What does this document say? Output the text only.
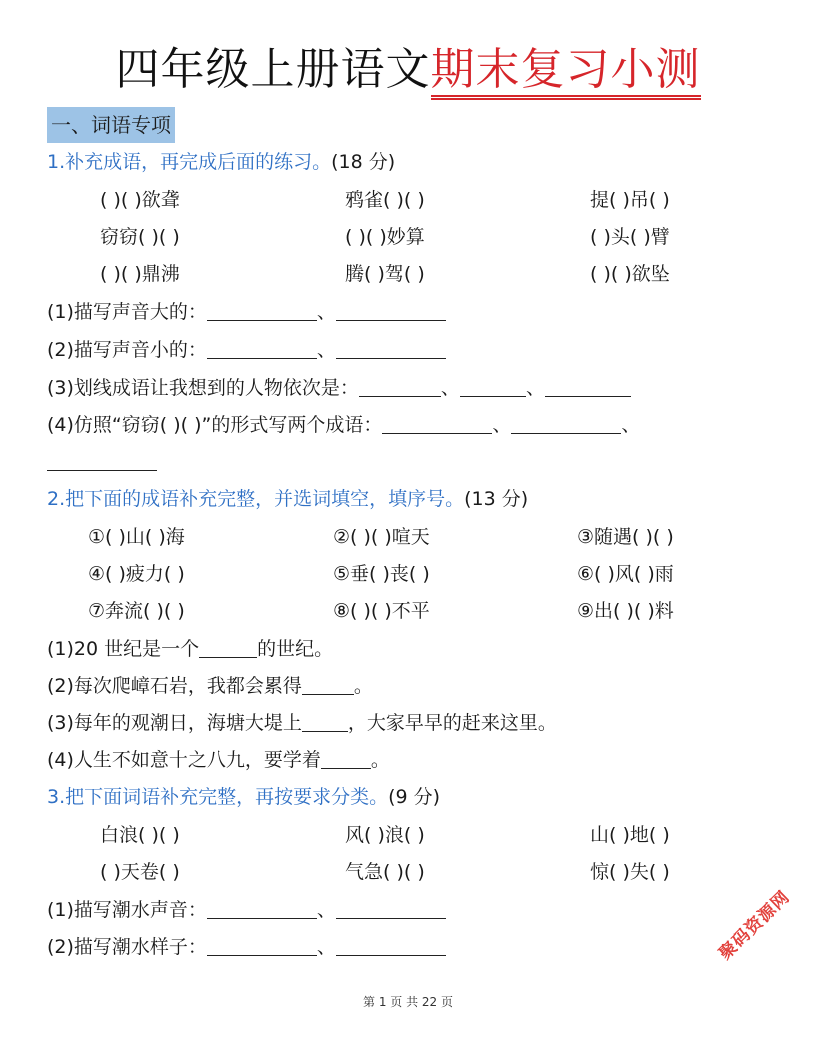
四年级上册语文期末复习小测
一、词语专项
1.补充成语，再完成后面的练习。(18 分)
( )( )欲聋	鸦雀( )( )	提( )吊( )
窃窃( )( )	( )( )妙算	( )头( )臂
( )( )鼎沸	腾( )驾( )	( )( )欲坠
(1)描写声音大的：	、
(2)描写声音小的：	、
(3)划线成语让我想到的人物依次是：	、	、
(4)仿照“窃窃( )( )”的形式写两个成语：	、	、
2.把下面的成语补充完整，并选词填空，填序号。(13 分)
①( )山( )海	②( )( )喧天	③随遇( )( )
④( )疲力( )	⑤垂( )丧( )	⑥( )风( )雨
⑦奔流( )( )	⑧( )( )不平	⑨出( )( )料
(1)20 世纪是一个	的世纪。
(2)每次爬嶂石岩，我都会累得	。
(3)每年的观潮日，海塘大堤上 ，大家早早的赶来这里。
(4)人生不如意十之八九，要学着	。
3.把下面词语补充完整，再按要求分类。(9 分)
白浪( )( )	风( )浪( )	山( )地( )
( )天卷( )	气急( )( )	惊( )失( )
(1)描写潮水声音：	、
(2)描写潮水样子：	、	聚码资源网
第 1 页 共 22 页
